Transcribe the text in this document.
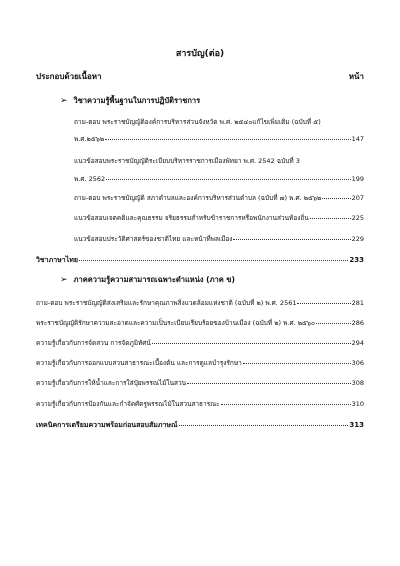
สารบัญ(ต่อ)
ประกอบด้วยเนื้อหา	หน้า
➢ วิชาความรู้พื้นฐานในการปฏิบัติราชการ
ถาม-ตอบ พระราชบัญญัติองค์การบริหารส่วนจังหวัด พ.ศ. ๒๕๔๐แก้ไขเพิ่มเติม (ฉบับที่ ๕)
พ.ศ.๒๕๖๒	147
แนวข้อสอบพระราชบัญญัติระเบียบบริหารราชการเมืองพัทยา พ.ศ. 2542 ฉบับที่ 3
พ.ศ. 2562	199
ถาม-ตอบ พระราชบัญญัติ สภาตำบลและองค์การบริหารส่วนตำบล (ฉบับที่ ๗) พ.ศ. ๒๕๖๒	207
แนวข้อสอบเจตคติและคุณธรรม จริยธรรมสำหรับข้าราชการหรือพนักงานส่วนท้องถิ่น	225
แนวข้อสอบประวัติศาสตร์ของชาติไทย และหน้าที่พลเมือง	229
วิชาภาษาไทย	233
➢ ภาคความรู้ความสามารถเฉพาะตำแหน่ง (ภาค ข)
ถาม-ตอบ พระราชบัญญัติส่งเสริมและรักษาคุณภาพสิ่งแวดล้อมแห่งชาติ (ฉบับที่ ๒) พ.ศ. 2561	281
พระราชบัญญัติรักษาความสะอาดและความเป็นระเบียบเรียบร้อยของบ้านเมือง (ฉบับที่ ๒) พ.ศ. ๒๕๖๐	286
ความรู้เกี่ยวกับการจัดสวน การจัดภูมิทัศน์	294
ความรู้เกี่ยวกับการออกแบบสวนสาธารณะเบื้องต้น และการดูแลบำรุงรักษา	306
ความรู้เกี่ยวกับการให้น้ำและการใส่ปุ๋ยพรรณไม้ในสวน	308
ความรู้เกี่ยวกับการป้องกันและกำจัดศัตรูพรรณไม้ในสวนสาธารณะ	310
เทคนิคการเตรียมความพร้อมก่อนสอบสัมภาษณ์	313
